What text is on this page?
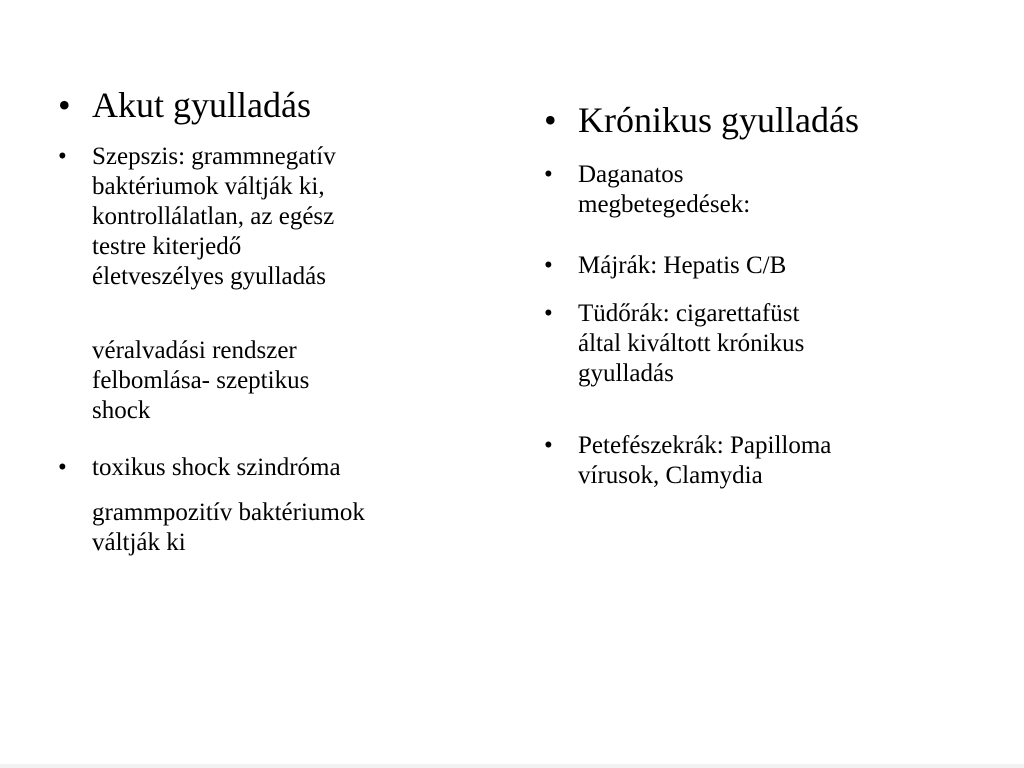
• Akut gyulladás
• Szepszis: grammnegatív
baktériumok váltják ki,
kontrollálatlan, az egész
testre kiterjedő
életveszélyes gyulladás
véralvadási rendszer
felbomlása- szeptikus
shock
• toxikus shock szindróma
grammpozitív baktériumok
váltják ki
• Krónikus gyulladás
• Daganatos
megbetegedések:
• Májrák: Hepatis C/B
• Tüdőrák: cigarettafüst
által kiváltott krónikus
gyulladás
• Petefészekrák: Papilloma
vírusok, Clamydia
